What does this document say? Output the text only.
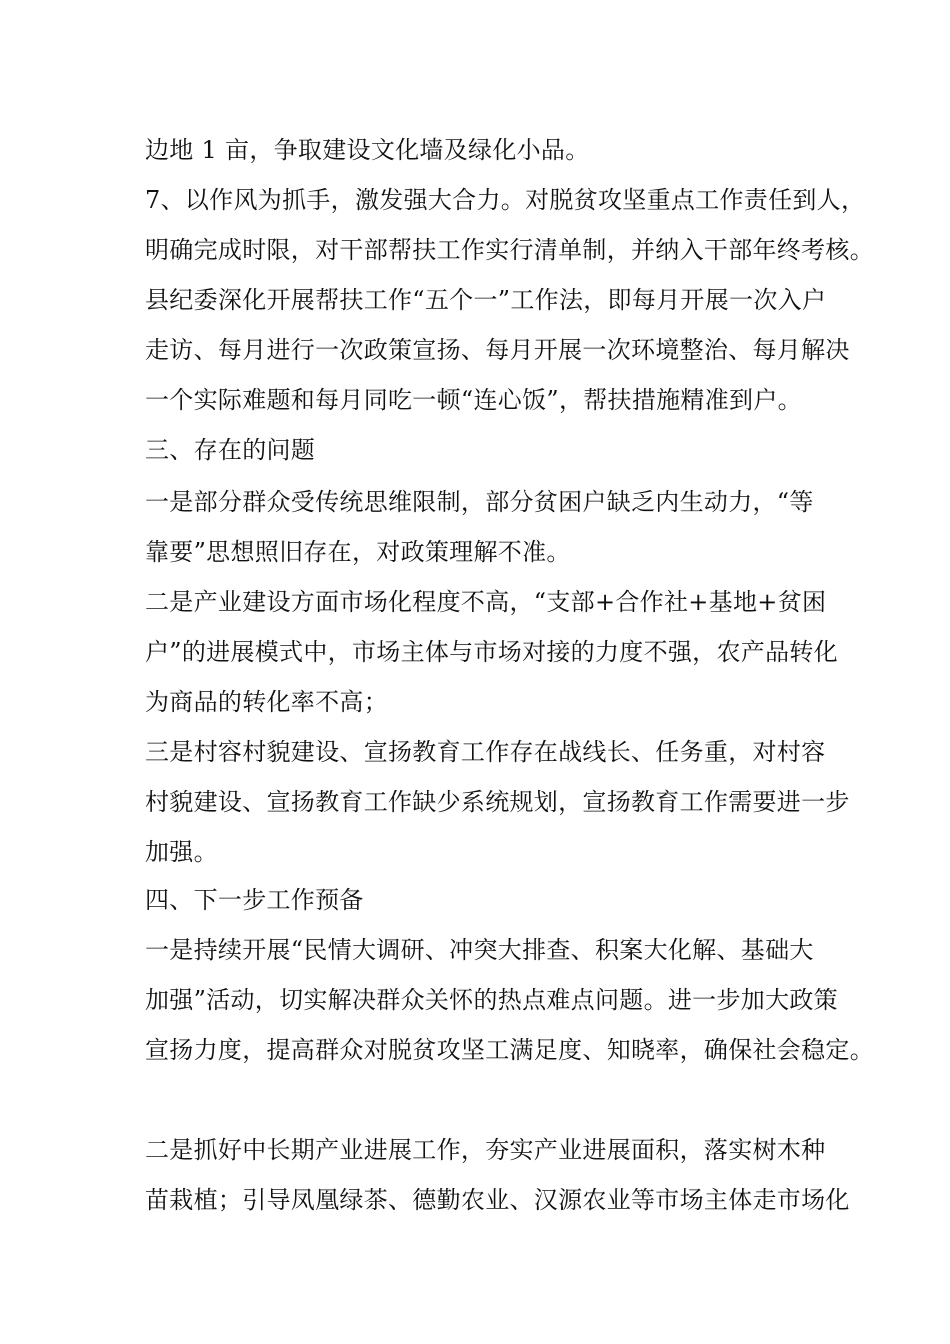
边地 1 亩，争取建设文化墙及绿化小品。
7、以作风为抓手，激发强大合力。对脱贫攻坚重点工作责任到人，
明确完成时限，对干部帮扶工作实行清单制，并纳入干部年终考核。
县纪委深化开展帮扶工作“五个一”工作法，即每月开展一次入户
走访、每月进行一次政策宣扬、每月开展一次环境整治、每月解决
一个实际难题和每月同吃一顿“连心饭”，帮扶措施精准到户。
三、存在的问题
一是部分群众受传统思维限制，部分贫困户缺乏内生动力，“等
靠要”思想照旧存在，对政策理解不准。
二是产业建设方面市场化程度不高，“支部+合作社+基地+贫困
户”的进展模式中，市场主体与市场对接的力度不强，农产品转化
为商品的转化率不高；
三是村容村貌建设、宣扬教育工作存在战线长、任务重，对村容
村貌建设、宣扬教育工作缺少系统规划，宣扬教育工作需要进一步
加强。
四、下一步工作预备
一是持续开展“民情大调研、冲突大排查、积案大化解、基础大
加强”活动，切实解决群众关怀的热点难点问题。进一步加大政策
宣扬力度，提高群众对脱贫攻坚工满足度、知晓率，确保社会稳定。
二是抓好中长期产业进展工作，夯实产业进展面积，落实树木种
苗栽植；引导凤凰绿茶、德勤农业、汉源农业等市场主体走市场化
